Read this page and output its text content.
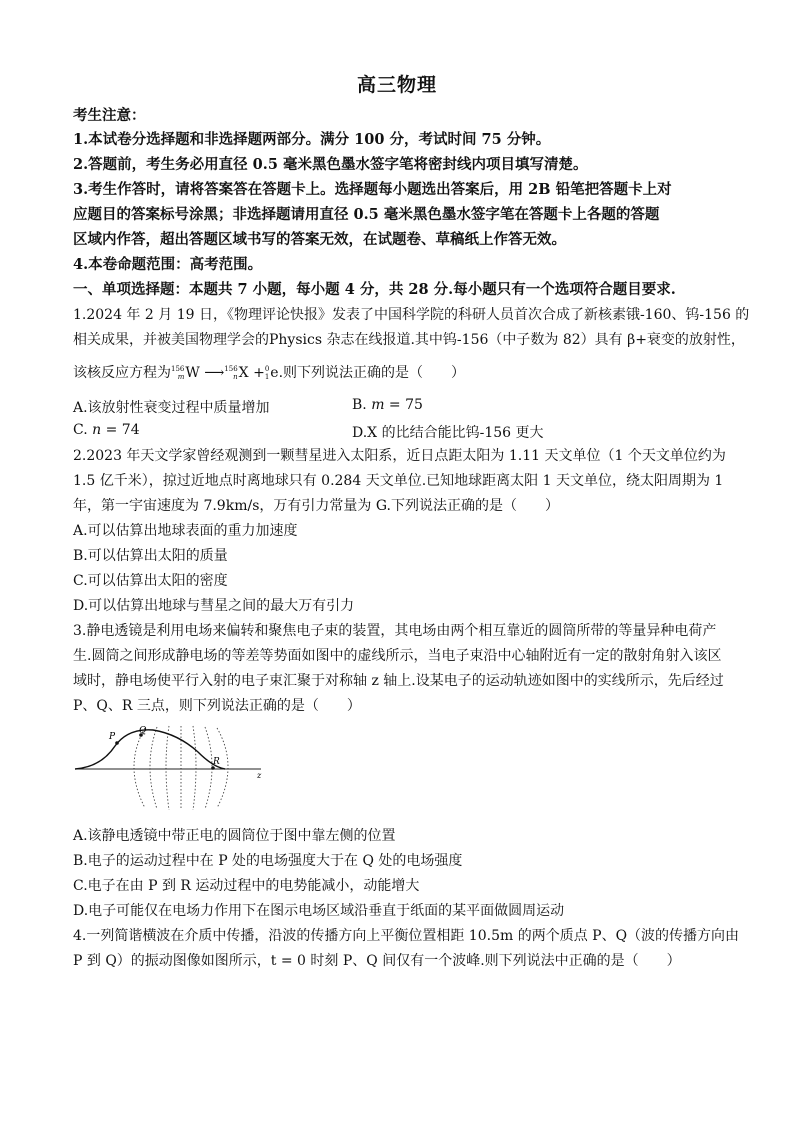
高三物理
考生注意：
1.本试卷分选择题和非选择题两部分。满分 100 分，考试时间 75 分钟。
2.答题前，考生务必用直径 0.5 毫米黑色墨水签字笔将密封线内项目填写清楚。
3.考生作答时，请将答案答在答题卡上。选择题每小题选出答案后，用 2B 铅笔把答题卡上对
应题目的答案标号涂黑；非选择题请用直径 0.5 毫米黑色墨水签字笔在答题卡上各题的答题
区域内作答，超出答题区域书写的答案无效，在试题卷、草稿纸上作答无效。
4.本卷命题范围：高考范围。
一、单项选择题：本题共 7 小题，每小题 4 分，共 28 分.每小题只有一个选项符合题目要求.
1.2024 年 2 月 19 日，《物理评论快报》发表了中国科学院的科研人员首次合成了新核素锇-160、钨-156 的
相关成果，并被美国物理学会的Physics 杂志在线报道.其中钨-156（中子数为 82）具有 β+衰变的放射性，
该核反应方程为156
mW ⟶156
nX +0
1e.则下列说法正确的是（　　）
A.该放射性衰变过程中质量增加	B. m = 75
C. n = 74	D.X 的比结合能比钨-156 更大
2.2023 年天文学家曾经观测到一颗彗星进入太阳系，近日点距太阳为 1.11 天文单位（1 个天文单位约为
1.5 亿千米），掠过近地点时离地球只有 0.284 天文单位.已知地球距离太阳 1 天文单位，绕太阳周期为 1
年，第一宇宙速度为 7.9km/s，万有引力常量为 G.下列说法正确的是（　　）
A.可以估算出地球表面的重力加速度
B.可以估算出太阳的质量
C.可以估算出太阳的密度
D.可以估算出地球与彗星之间的最大万有引力
3.静电透镜是利用电场来偏转和聚焦电子束的装置，其电场由两个相互靠近的圆筒所带的等量异种电荷产
生.圆筒之间形成静电场的等差等势面如图中的虚线所示，当电子束沿中心轴附近有一定的散射角射入该区
域时，静电场使平行入射的电子束汇聚于对称轴 z 轴上.设某电子的运动轨迹如图中的实线所示，先后经过
P、Q、R 三点，则下列说法正确的是（　　）
P
Q
R
z
A.该静电透镜中带正电的圆筒位于图中靠左侧的位置
B.电子的运动过程中在 P 处的电场强度大于在 Q 处的电场强度
C.电子在由 P 到 R 运动过程中的电势能减小，动能增大
D.电子可能仅在电场力作用下在图示电场区域沿垂直于纸面的某平面做圆周运动
4.一列简谐横波在介质中传播，沿波的传播方向上平衡位置相距 10.5m 的两个质点 P、Q（波的传播方向由
P 到 Q）的振动图像如图所示，t = 0 时刻 P、Q 间仅有一个波峰.则下列说法中正确的是（　　）
